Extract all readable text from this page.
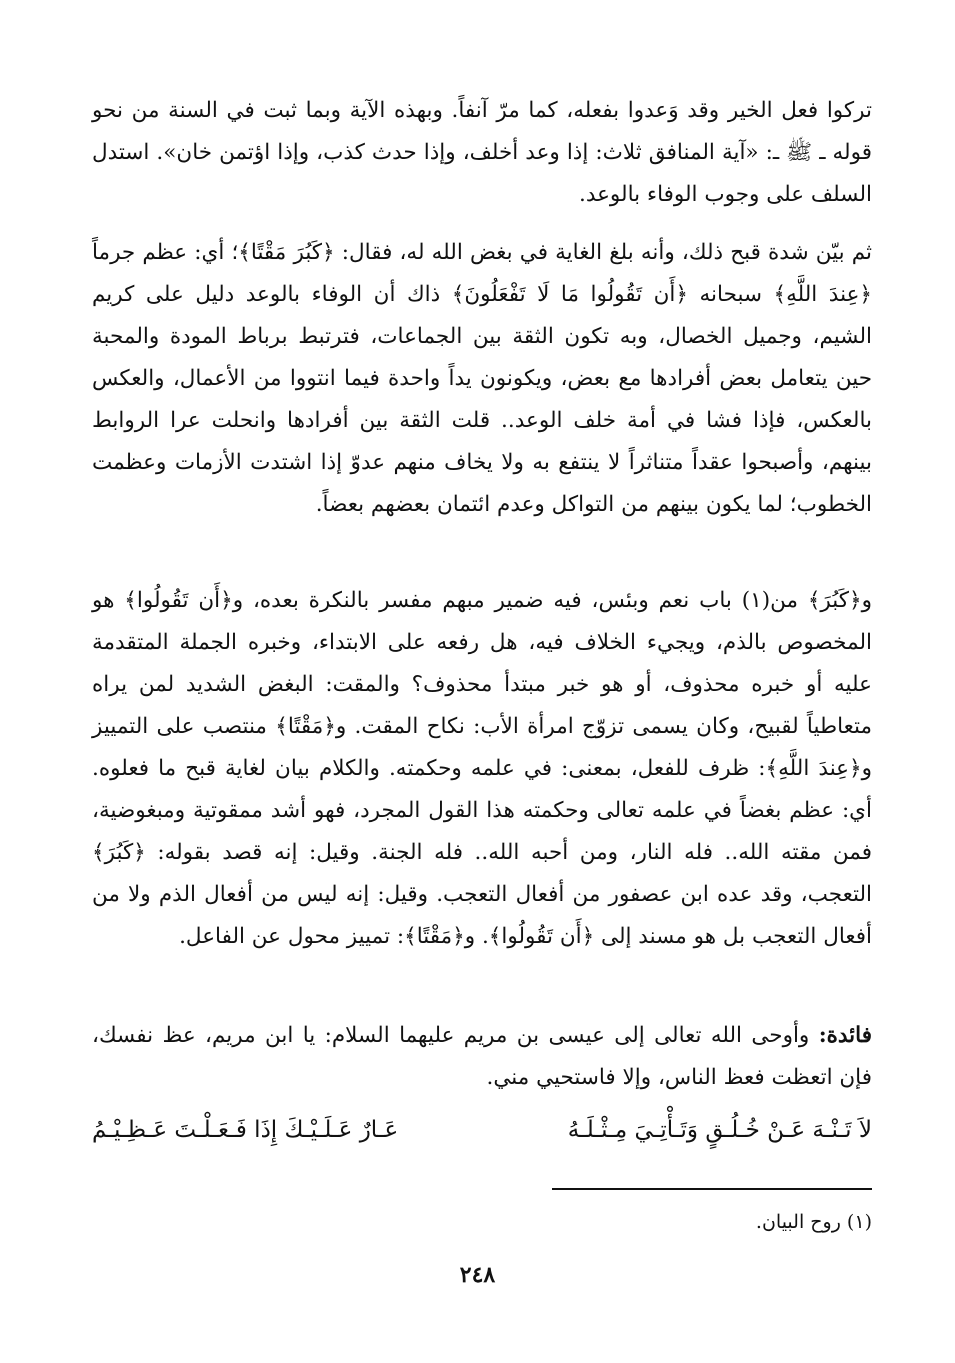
تركوا فعل الخير وقد وَعدوا بفعله، كما مرّ آنفاً. وبهذه الآية وبما ثبت في السنة من نحو قوله ـ ﷺ ـ: «آية المنافق ثلاث: إذا وعد أخلف، وإذا حدث كذب، وإذا اؤتمن خان». استدل السلف على وجوب الوفاء بالوعد.
ثم بيّن شدة قبح ذلك، وأنه بلغ الغاية في بغض الله له، فقال: ﴿كَبُرَ مَقْتًا﴾؛ أي: عظم جرماً ﴿عِندَ اللَّهِ﴾ سبحانه ﴿أَن تَقُولُوا مَا لَا تَفْعَلُونَ﴾ ذاك أن الوفاء بالوعد دليل على كريم الشيم، وجميل الخصال، وبه تكون الثقة بين الجماعات، فترتبط برباط المودة والمحبة حين يتعامل بعض أفرادها مع بعض، ويكونون يداً واحدة فيما انتووا من الأعمال، والعكس بالعكس، فإذا فشا في أمة خلف الوعد.. قلت الثقة بين أفرادها وانحلت عرا الروابط بينهم، وأصبحوا عقداً متناثراً لا ينتفع به ولا يخاف منهم عدوّ إذا اشتدت الأزمات وعظمت الخطوب؛ لما يكون بينهم من التواكل وعدم ائتمان بعضهم بعضاً.
و﴿كَبُرَ﴾ من(١) باب نعم وبئس، فيه ضمير مبهم مفسر بالنكرة بعده، و﴿أَن تَقُولُوا﴾ هو المخصوص بالذم، ويجيء الخلاف فيه، هل رفعه على الابتداء، وخبره الجملة المتقدمة عليه أو خبره محذوف، أو هو خبر مبتدأ محذوف؟ والمقت: البغض الشديد لمن يراه متعاطياً لقبيح، وكان يسمى تزوّج امرأة الأب: نكاح المقت. و﴿مَقْتًا﴾ منتصب على التمييز و﴿عِندَ اللَّهِ﴾: ظرف للفعل، بمعنى: في علمه وحكمته. والكلام بيان لغاية قبح ما فعلوه. أي: عظم بغضاً في علمه تعالى وحكمته هذا القول المجرد، فهو أشد ممقوتية ومبغوضية، فمن مقته الله.. فله النار، ومن أحبه الله.. فله الجنة. وقيل: إنه قصد بقوله: ﴿كَبُرَ﴾ التعجب، وقد عده ابن عصفور من أفعال التعجب. وقيل: إنه ليس من أفعال الذم ولا من أفعال التعجب بل هو مسند إلى ﴿أَن تَقُولُوا﴾. و﴿مَقْتًا﴾: تمييز محول عن الفاعل.
فائدة: وأوحى الله تعالى إلى عيسى بن مريم عليهما السلام: يا ابن مريم، عظ نفسك، فإن اتعظت فعظ الناس، وإلا فاستحيي مني.
لاَ تَـنْـهَ عَـنْ خُـلُـقٍ وَتَـأْتِـيَ مِـثْـلَـهُ
عَـارٌ عَـلَـيْـكَ إِذَا فَـعَـلْـتَ عَـظِـيْـمُ
(١) روح البيان.
٢٤٨
